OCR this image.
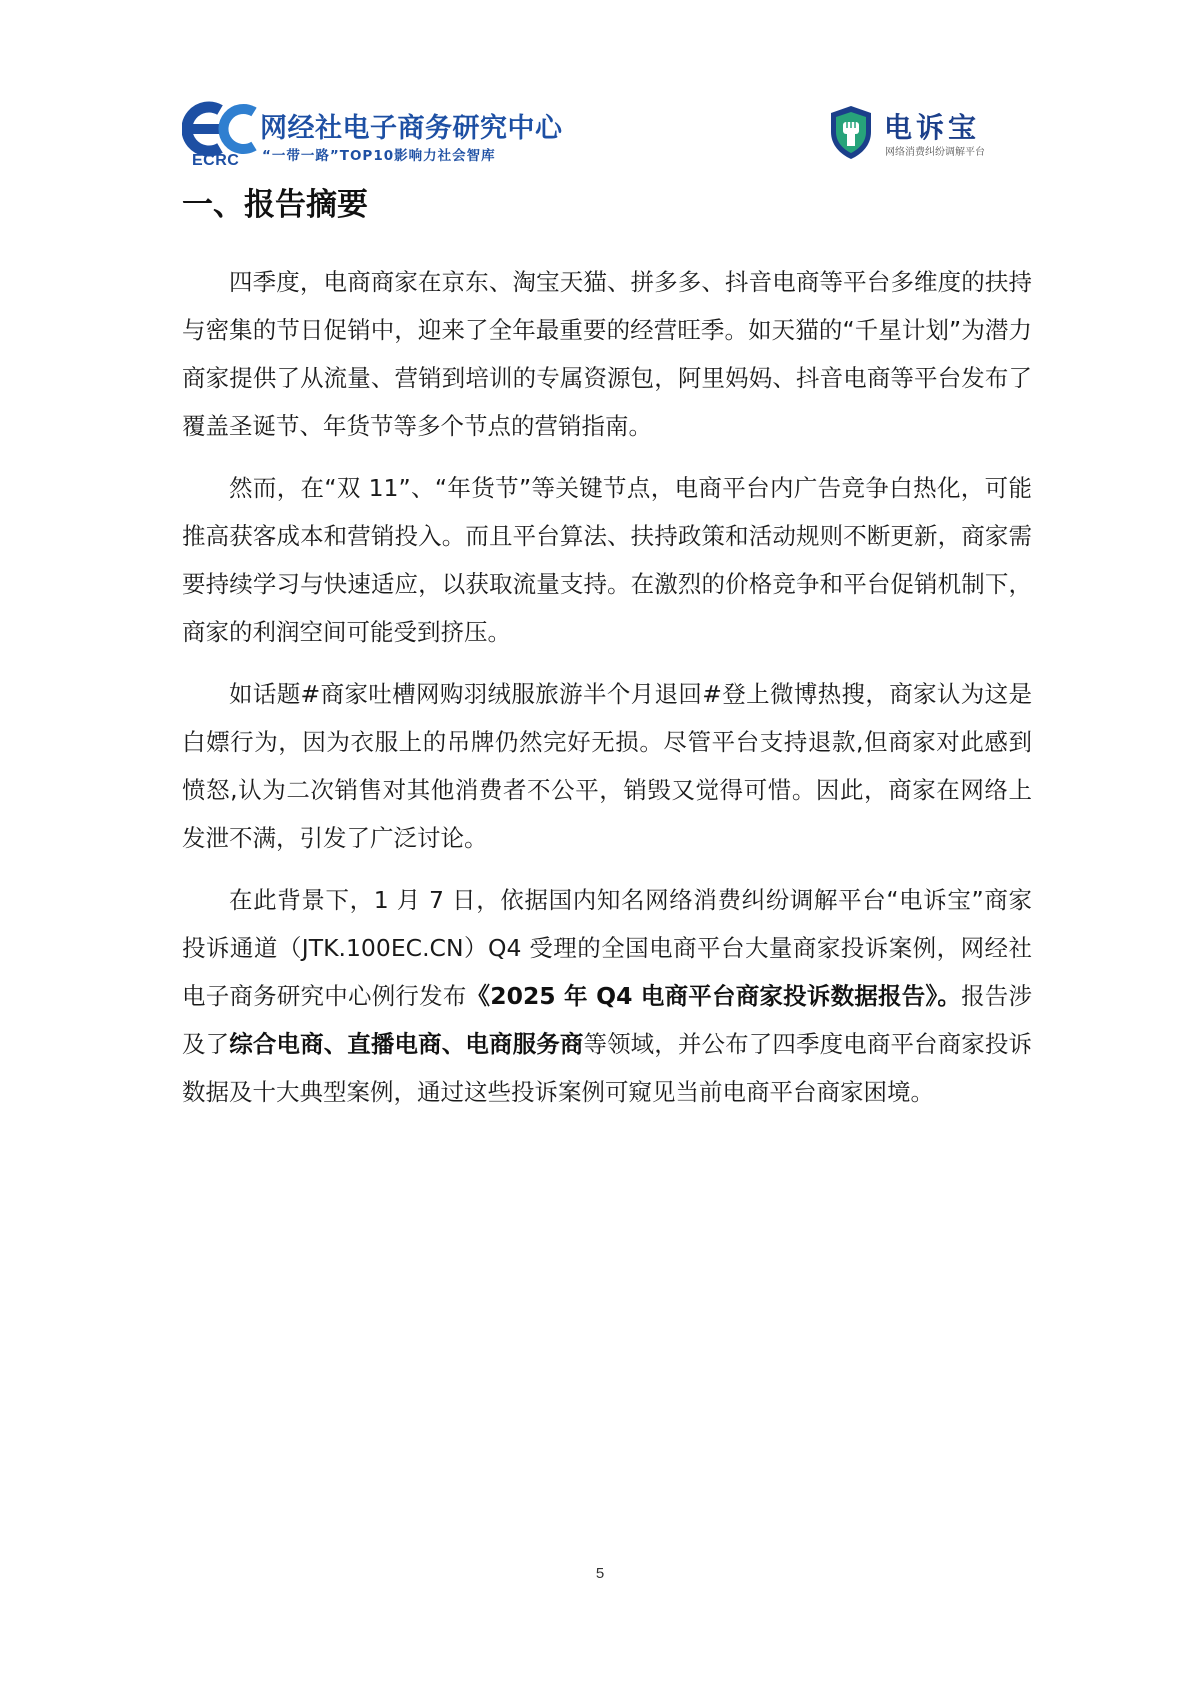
ECRC
网经社电子商务研究中心
“一带一路”TOP10影响力社会智库
电诉宝
网络消费纠纷调解平台
一、报告摘要

四季度，电商商家在京东、淘宝天猫、拼多多、抖音电商等平台多维度的扶持与密集的节日促销中，迎来了全年最重要的经营旺季。如天猫的“千星计划”为潜力商家提供了从流量、营销到培训的专属资源包，阿里妈妈、抖音电商等平台发布了覆盖圣诞节、年货节等多个节点的营销指南。

然而，在“双 11”、“年货节”等关键节点，电商平台内广告竞争白热化，可能推高获客成本和营销投入。而且平台算法、扶持政策和活动规则不断更新，商家需要持续学习与快速适应，以获取流量支持。在激烈的价格竞争和平台促销机制下，商家的利润空间可能受到挤压。

如话题#商家吐槽网购羽绒服旅游半个月退回#登上微博热搜，商家认为这是白嫖行为，因为衣服上的吊牌仍然完好无损。尽管平台支持退款,但商家对此感到愤怒,认为二次销售对其他消费者不公平，销毁又觉得可惜。因此，商家在网络上发泄不满，引发了广泛讨论。

在此背景下，1 月 7 日，依据国内知名网络消费纠纷调解平台“电诉宝”商家投诉通道（JTK.100EC.CN）Q4 受理的全国电商平台大量商家投诉案例，网经社电子商务研究中心例行发布《2025 年 Q4 电商平台商家投诉数据报告》。报告涉及了综合电商、直播电商、电商服务商等领域，并公布了四季度电商平台商家投诉数据及十大典型案例，通过这些投诉案例可窥见当前电商平台商家困境。

5
